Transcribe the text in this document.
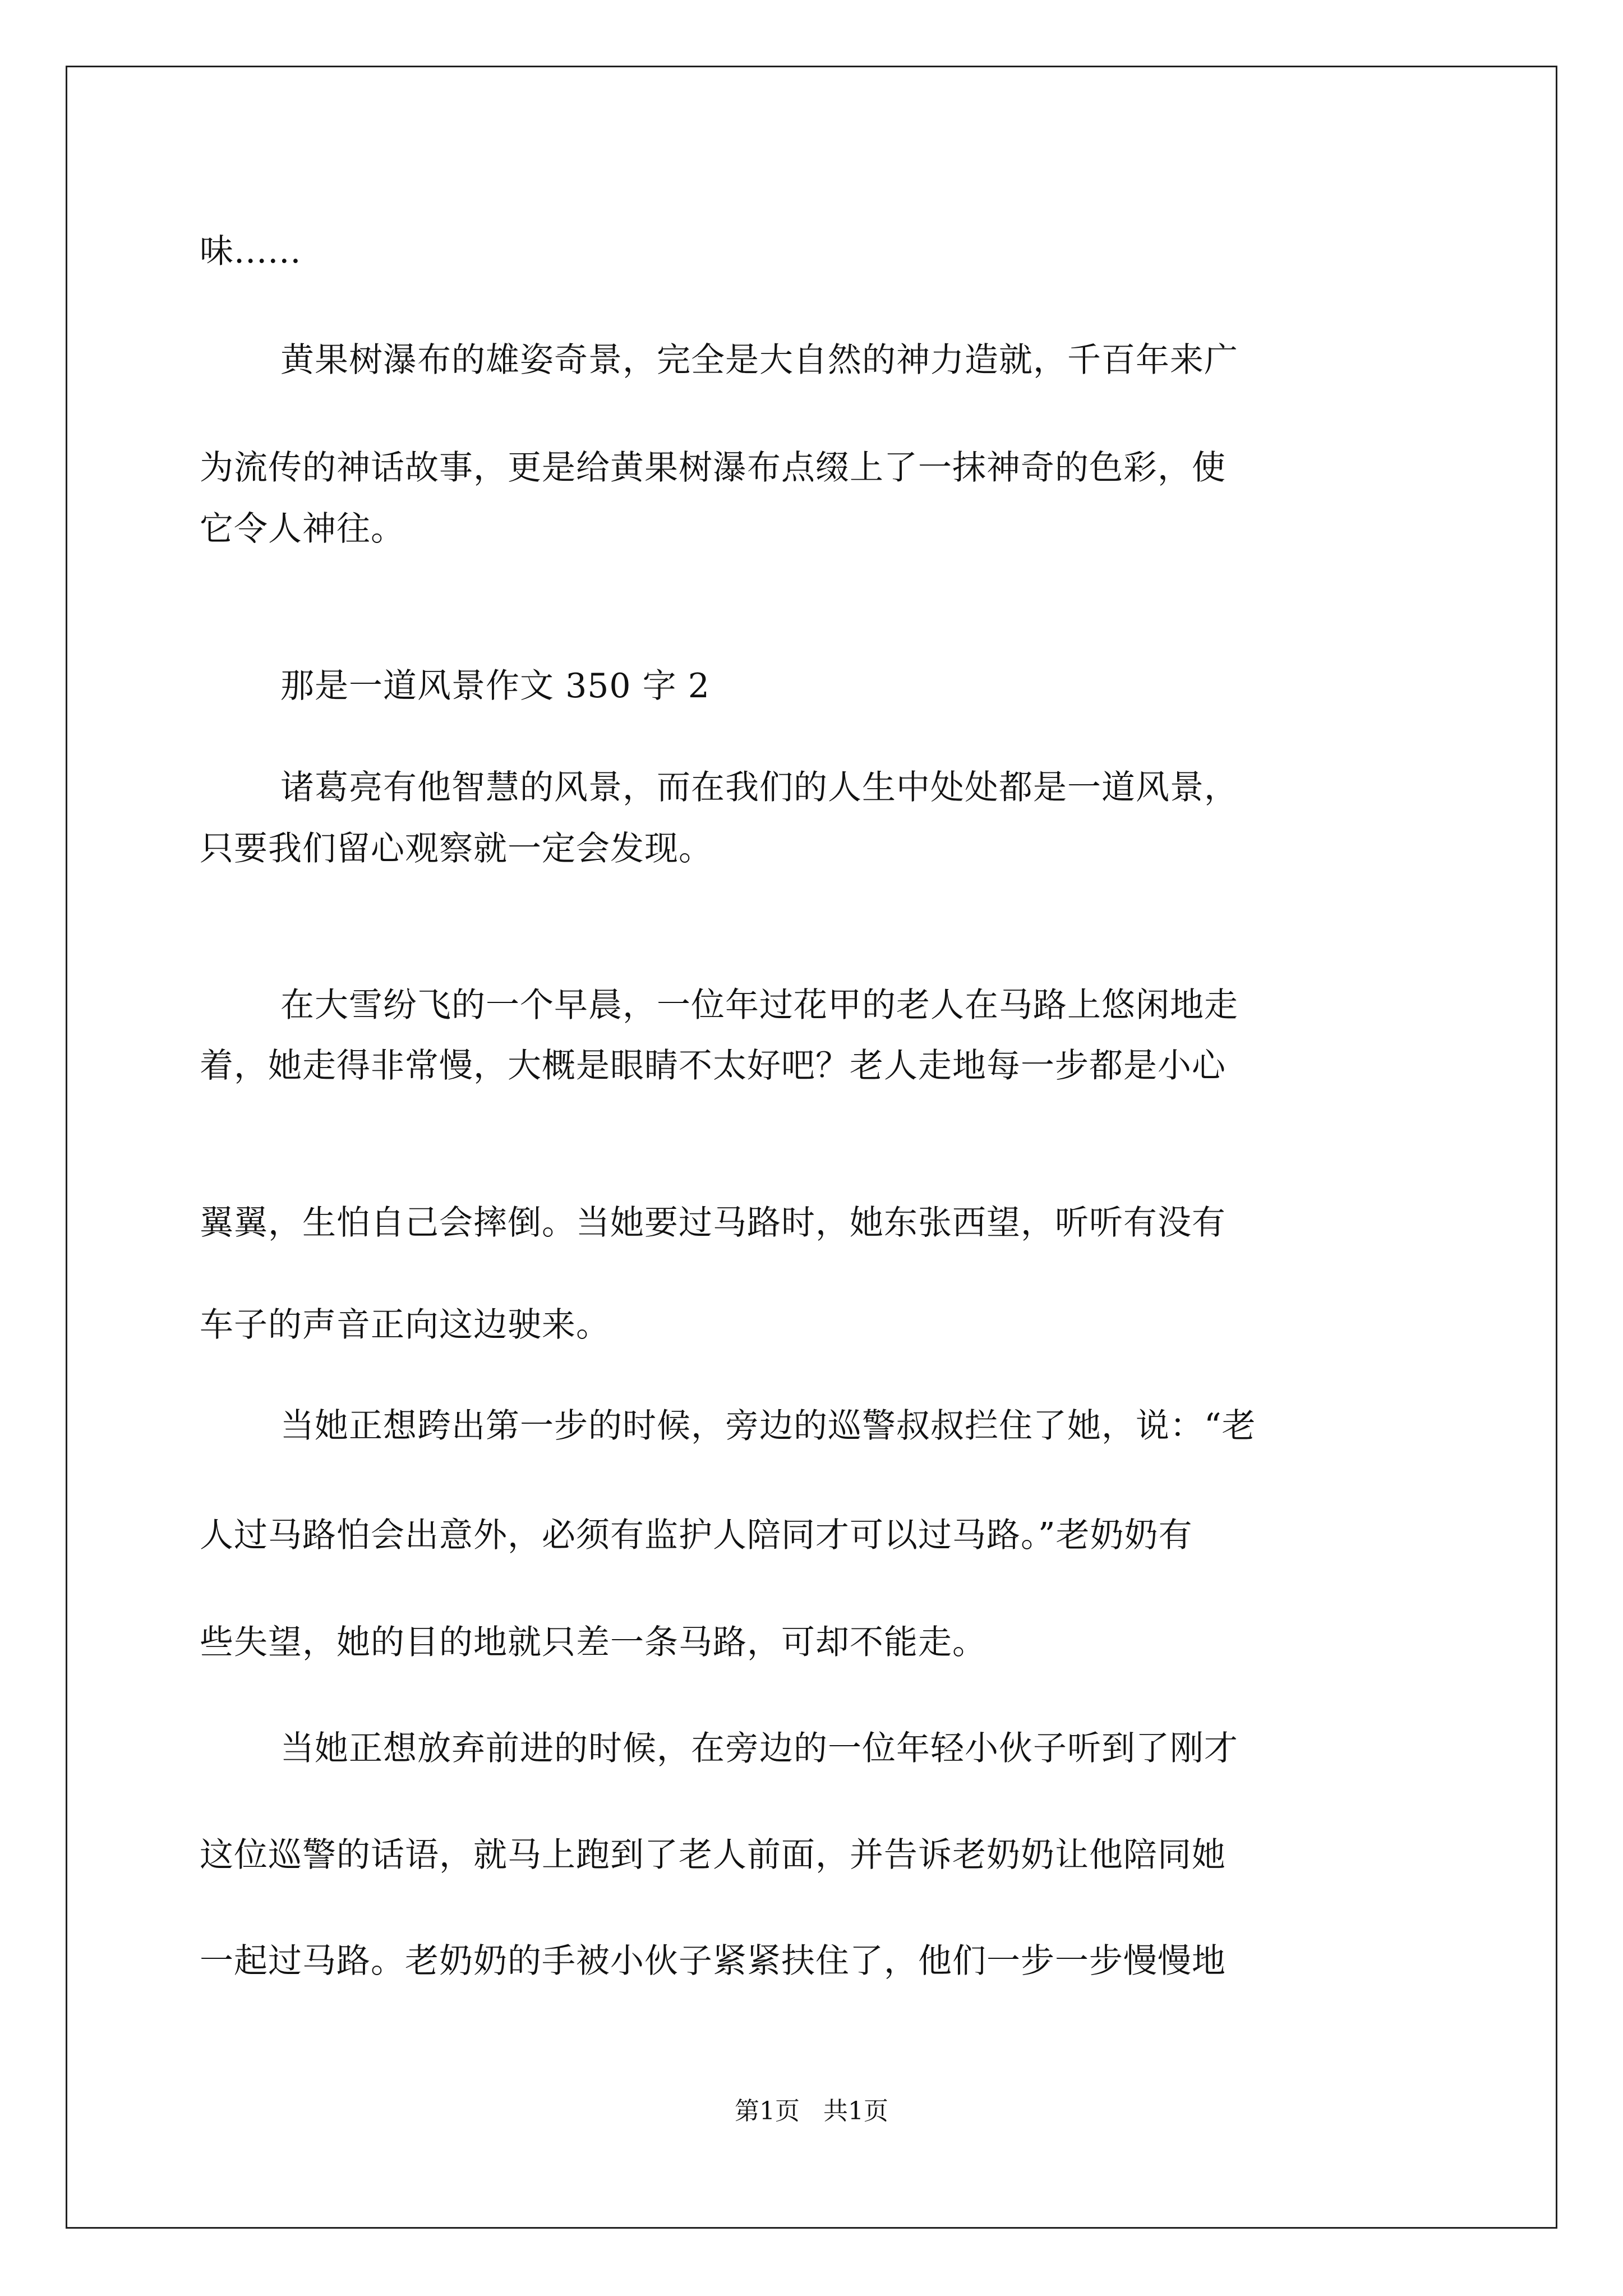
味......
黄果树瀑布的雄姿奇景，完全是大自然的神力造就，千百年来广
为流传的神话故事，更是给黄果树瀑布点缀上了一抹神奇的色彩，使
它令人神往。
那是一道风景作文 350 字 2
诸葛亮有他智慧的风景，而在我们的人生中处处都是一道风景，
只要我们留心观察就一定会发现。
在大雪纷飞的一个早晨，一位年过花甲的老人在马路上悠闲地走
着，她走得非常慢，大概是眼睛不太好吧？老人走地每一步都是小心
翼翼，生怕自己会摔倒。当她要过马路时，她东张西望，听听有没有
车子的声音正向这边驶来。
当她正想跨出第一步的时候，旁边的巡警叔叔拦住了她，说：“老
人过马路怕会出意外，必须有监护人陪同才可以过马路。”老奶奶有
些失望，她的目的地就只差一条马路，可却不能走。
当她正想放弃前进的时候，在旁边的一位年轻小伙子听到了刚才
这位巡警的话语，就马上跑到了老人前面，并告诉老奶奶让他陪同她
一起过马路。老奶奶的手被小伙子紧紧扶住了，他们一步一步慢慢地
第1页   共1页
